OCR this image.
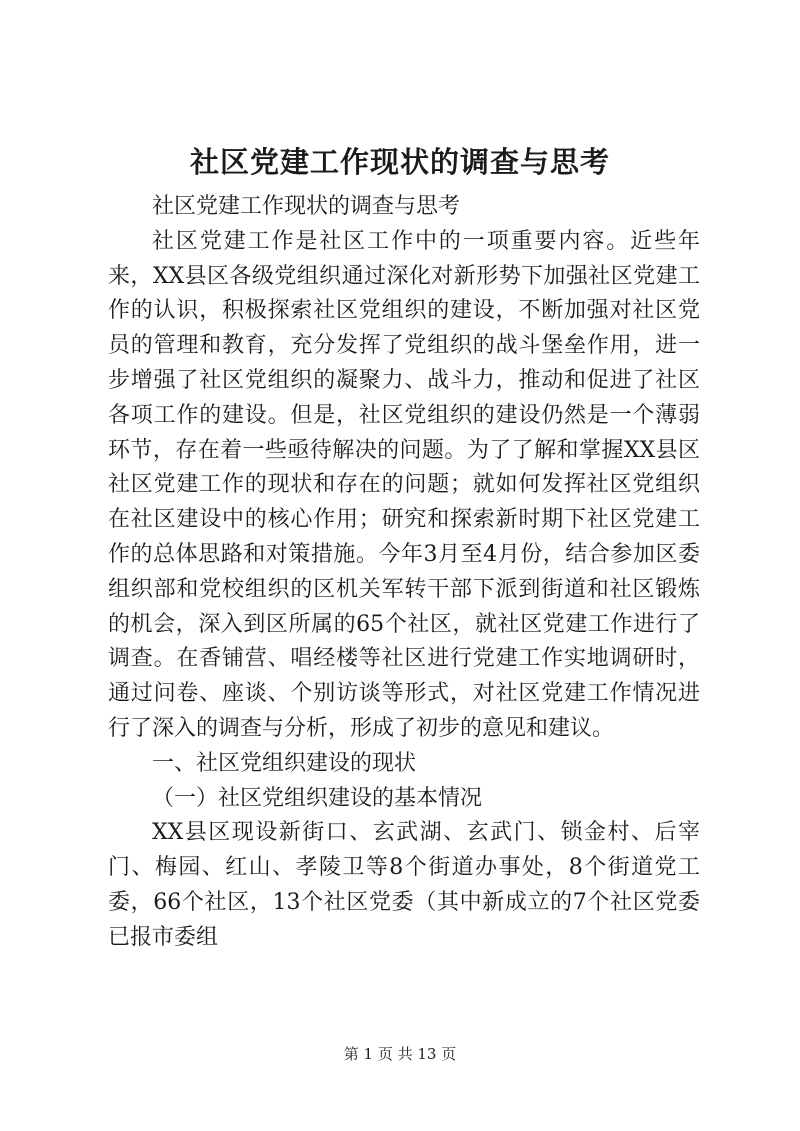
社区党建工作现状的调查与思考

社区党建工作现状的调查与思考

社区党建工作是社区工作中的一项重要内容。近些年来，XX县区各级党组织通过深化对新形势下加强社区党建工作的认识，积极探索社区党组织的建设，不断加强对社区党员的管理和教育，充分发挥了党组织的战斗堡垒作用，进一步增强了社区党组织的凝聚力、战斗力，推动和促进了社区各项工作的建设。但是，社区党组织的建设仍然是一个薄弱环节，存在着一些亟待解决的问题。为了了解和掌握XX县区社区党建工作的现状和存在的问题；就如何发挥社区党组织在社区建设中的核心作用；研究和探索新时期下社区党建工作的总体思路和对策措施。今年3月至4月份，结合参加区委组织部和党校组织的区机关军转干部下派到街道和社区锻炼的机会，深入到区所属的65个社区，就社区党建工作进行了调查。在香铺营、唱经楼等社区进行党建工作实地调研时，通过问卷、座谈、个别访谈等形式，对社区党建工作情况进行了深入的调查与分析，形成了初步的意见和建议。

一、社区党组织建设的现状

（一）社区党组织建设的基本情况

XX县区现设新街口、玄武湖、玄武门、锁金村、后宰门、梅园、红山、孝陵卫等8个街道办事处，8个街道党工委，66个社区，13个社区党委（其中新成立的7个社区党委已报市委组

第 1 页 共 13 页
